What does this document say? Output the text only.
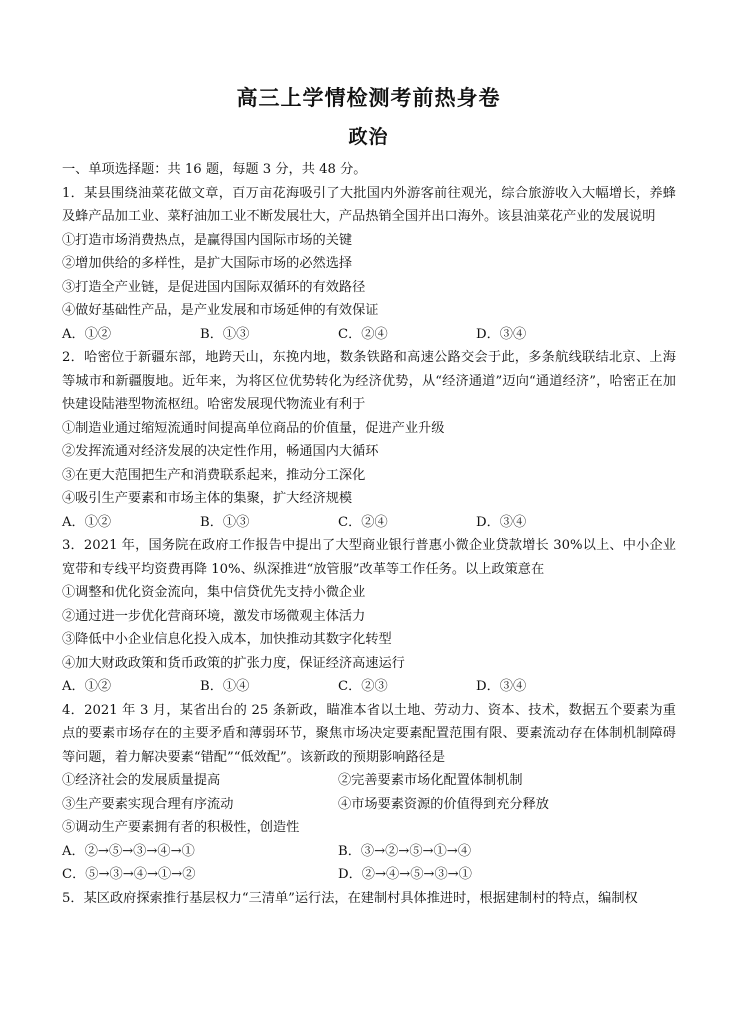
高三上学情检测考前热身卷
政治
一、单项选择题：共 16 题，每题 3 分，共 48 分。
1．某县围绕油菜花做文章，百万亩花海吸引了大批国内外游客前往观光，综合旅游收入大幅增长，养蜂及蜂产品加工业、菜籽油加工业不断发展壮大，产品热销全国并出口海外。该县油菜花产业的发展说明
①打造市场消费热点，是赢得国内国际市场的关键
②增加供给的多样性，是扩大国际市场的必然选择
③打造全产业链，是促进国内国际双循环的有效路径
④做好基础性产品，是产业发展和市场延伸的有效保证
A．①②	B．①③	C．②④	D．③④
2．哈密位于新疆东部，地跨天山，东挽内地，数条铁路和高速公路交会于此，多条航线联结北京、上海等城市和新疆腹地。近年来，为将区位优势转化为经济优势，从“经济通道”迈向“通道经济”，哈密正在加快建设陆港型物流枢纽。哈密发展现代物流业有利于
①制造业通过缩短流通时间提高单位商品的价值量，促进产业升级
②发挥流通对经济发展的决定性作用，畅通国内大循环
③在更大范围把生产和消费联系起来，推动分工深化
④吸引生产要素和市场主体的集聚，扩大经济规模
A．①②	B．①③	C．②④	D．③④
3．2021 年，国务院在政府工作报告中提出了大型商业银行普惠小微企业贷款增长 30%以上、中小企业宽带和专线平均资费再降 10%、纵深推进“放管服”改革等工作任务。以上政策意在
①调整和优化资金流向，集中信贷优先支持小微企业
②通过进一步优化营商环境，激发市场微观主体活力
③降低中小企业信息化投入成本，加快推动其数字化转型
④加大财政政策和货币政策的扩张力度，保证经济高速运行
A．①②	B．①④	C．②③	D．③④
4．2021 年 3 月，某省出台的 25 条新政，瞄准本省以土地、劳动力、资本、技术，数据五个要素为重点的要素市场存在的主要矛盾和薄弱环节，聚焦市场决定要素配置范围有限、要素流动存在体制机制障碍等问题，着力解决要素“错配”“低效配”。该新政的预期影响路径是
①经济社会的发展质量提高	②完善要素市场化配置体制机制
③生产要素实现合理有序流动	④市场要素资源的价值得到充分释放
⑤调动生产要素拥有者的积极性，创造性
A．②→⑤→③→④→①	B．③→②→⑤→①→④
C．⑤→③→④→①→②	D．②→④→⑤→③→①
5．某区政府探索推行基层权力“三清单”运行法，在建制村具体推进时，根据建制村的特点，编制权
